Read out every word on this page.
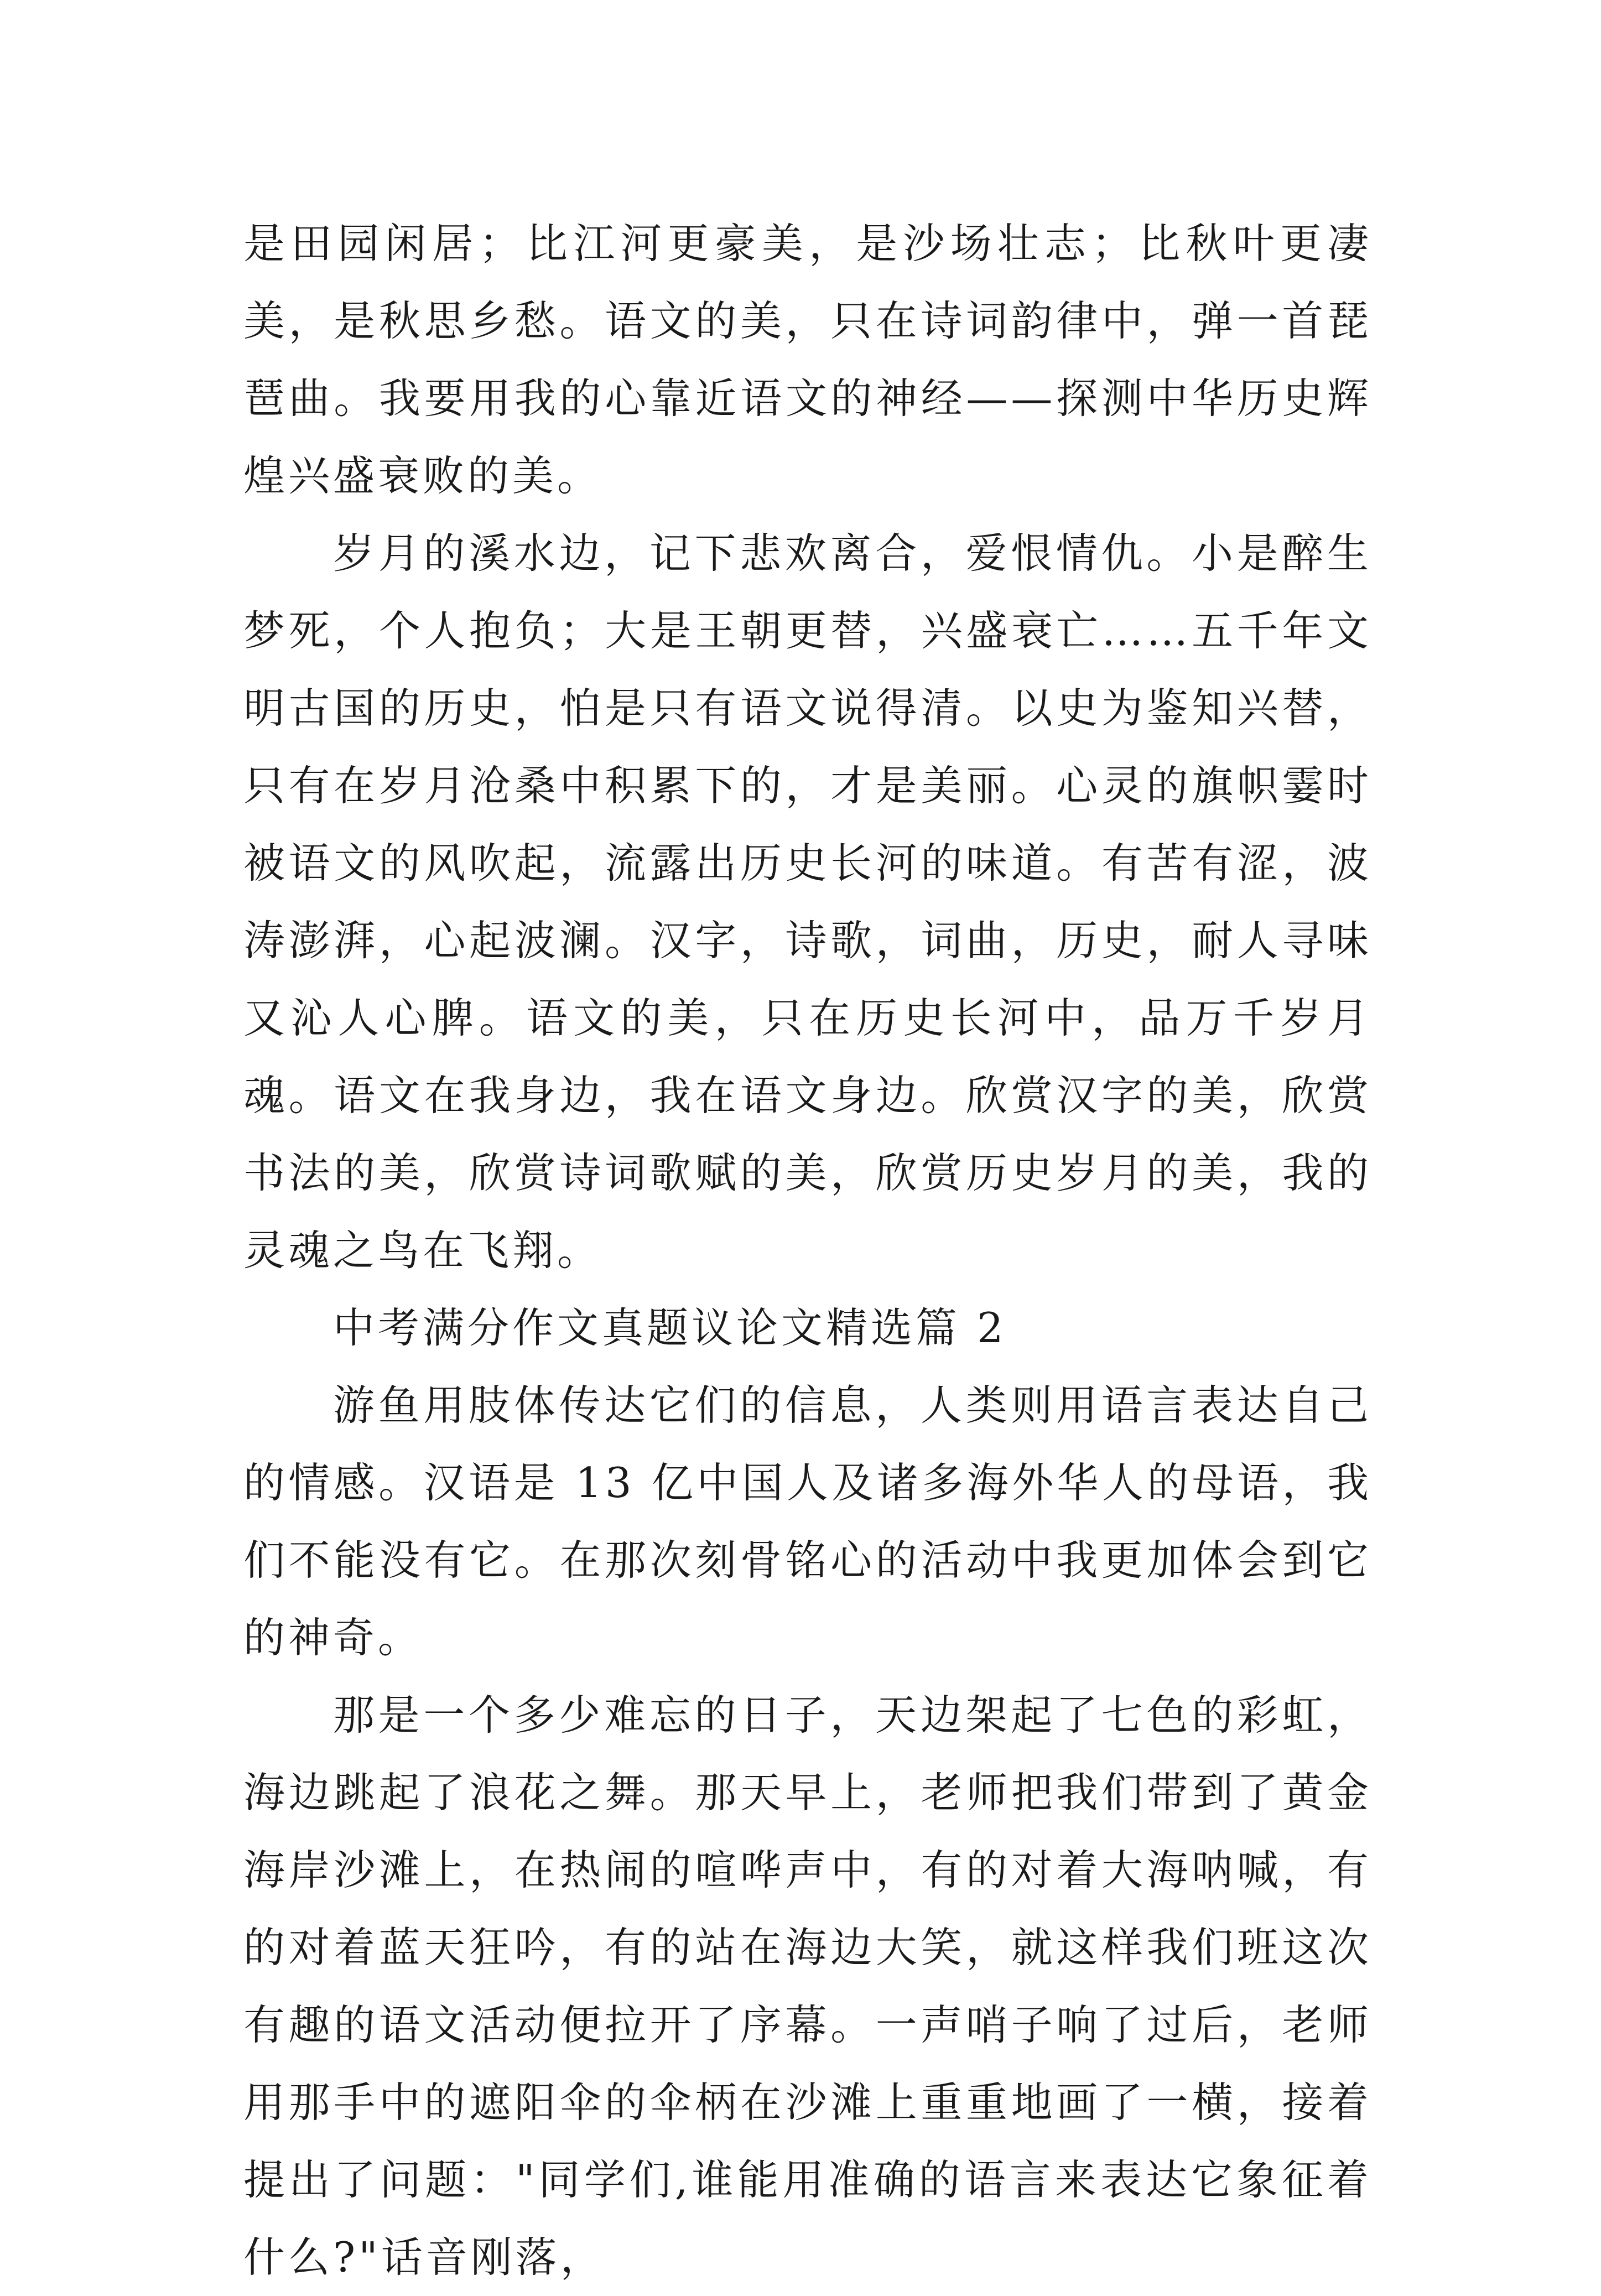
是田园闲居；比江河更豪美，是沙场壮志；比秋叶更凄美，是秋思乡愁。语文的美，只在诗词韵律中，弹一首琵琶曲。我要用我的心靠近语文的神经——探测中华历史辉煌兴盛衰败的美。

岁月的溪水边，记下悲欢离合，爱恨情仇。小是醉生梦死，个人抱负；大是王朝更替，兴盛衰亡……五千年文明古国的历史，怕是只有语文说得清。以史为鉴知兴替，只有在岁月沧桑中积累下的，才是美丽。心灵的旗帜霎时被语文的风吹起，流露出历史长河的味道。有苦有涩，波涛澎湃，心起波澜。汉字，诗歌，词曲，历史，耐人寻味又沁人心脾。语文的美，只在历史长河中，品万千岁月魂。语文在我身边，我在语文身边。欣赏汉字的美，欣赏书法的美，欣赏诗词歌赋的美，欣赏历史岁月的美，我的灵魂之鸟在飞翔。

中考满分作文真题议论文精选篇 2

游鱼用肢体传达它们的信息，人类则用语言表达自己的情感。汉语是 13 亿中国人及诸多海外华人的母语，我们不能没有它。在那次刻骨铭心的活动中我更加体会到它的神奇。

那是一个多少难忘的日子，天边架起了七色的彩虹，海边跳起了浪花之舞。那天早上，老师把我们带到了黄金海岸沙滩上，在热闹的喧哗声中，有的对着大海呐喊，有的对着蓝天狂吟，有的站在海边大笑，就这样我们班这次有趣的语文活动便拉开了序幕。一声哨子响了过后，老师用那手中的遮阳伞的伞柄在沙滩上重重地画了一横，接着提出了问题："同学们,谁能用准确的语言来表达它象征着什么?"话音刚落，
